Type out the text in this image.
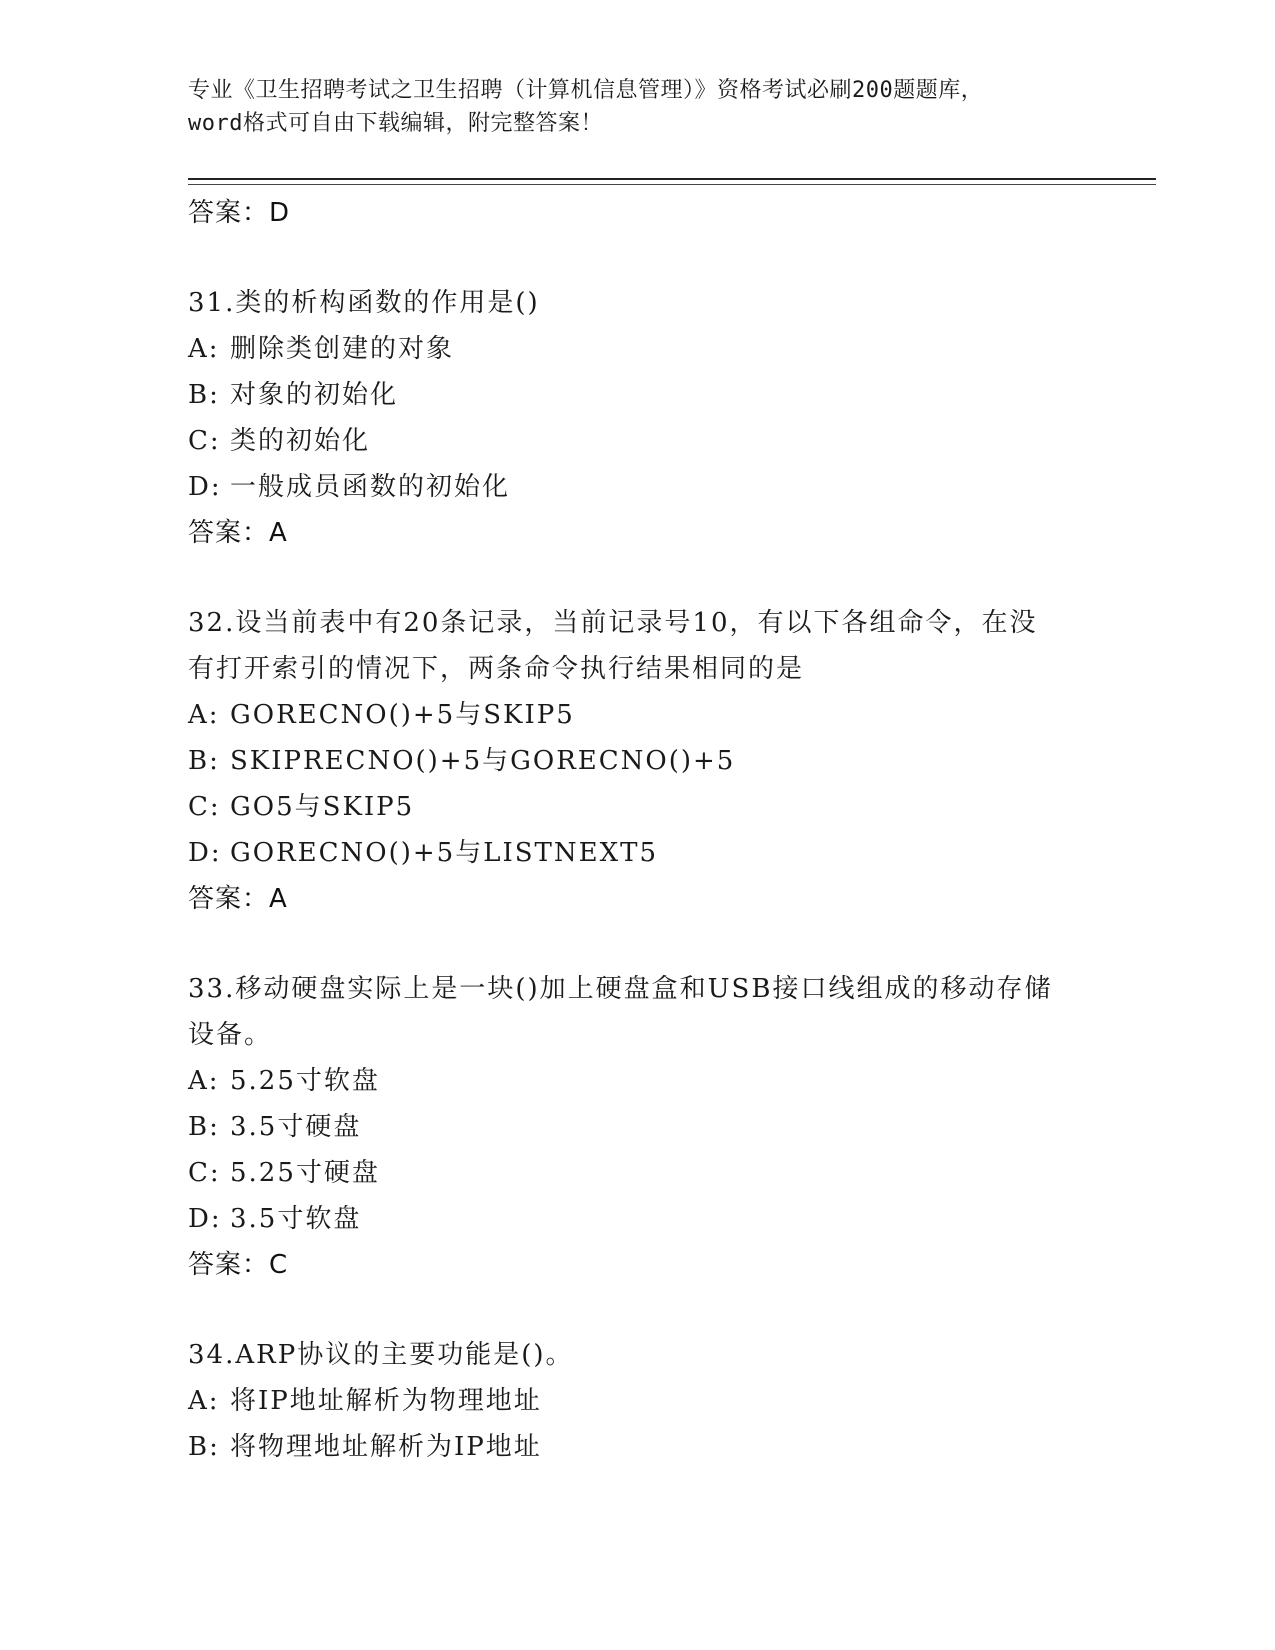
专业《卫生招聘考试之卫生招聘（计算机信息管理）》资格考试必刷200题题库，
word格式可自由下载编辑，附完整答案！
答案：D
31.类的析构函数的作用是()
A: 删除类创建的对象
B: 对象的初始化
C: 类的初始化
D: 一般成员函数的初始化
答案：A
32.设当前表中有20条记录，当前记录号10，有以下各组命令，在没
有打开索引的情况下，两条命令执行结果相同的是
A: GORECNO()+5与SKIP5
B: SKIPRECNO()+5与GORECNO()+5
C: GO5与SKIP5
D: GORECNO()+5与LISTNEXT5
答案：A
33.移动硬盘实际上是一块()加上硬盘盒和USB接口线组成的移动存储
设备。
A: 5.25寸软盘
B: 3.5寸硬盘
C: 5.25寸硬盘
D: 3.5寸软盘
答案：C
34.ARP协议的主要功能是()。
A: 将IP地址解析为物理地址
B: 将物理地址解析为IP地址
